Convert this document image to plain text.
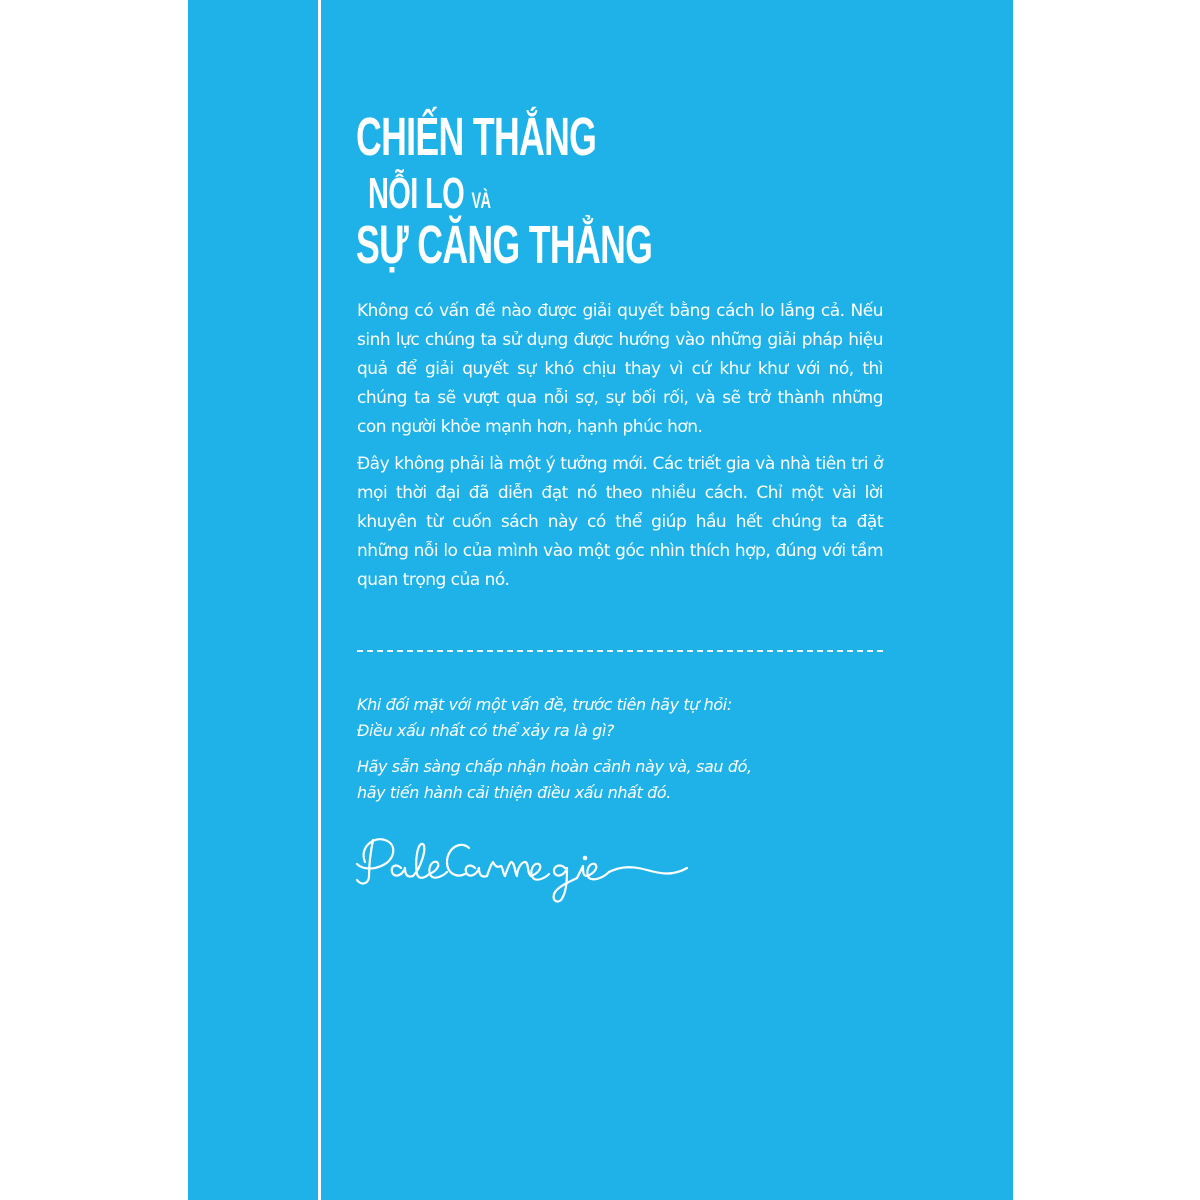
CHIẾN THẮNG
NỖI LO VÀ
SỰ CĂNG THẲNG

Không có vấn đề nào được giải quyết bằng cách lo lắng cả. Nếu sinh lực chúng ta sử dụng được hướng vào những giải pháp hiệu quả để giải quyết sự khó chịu thay vì cứ khư khư với nó, thì chúng ta sẽ vượt qua nỗi sợ, sự bối rối, và sẽ trở thành những con người khỏe mạnh hơn, hạnh phúc hơn.

Đây không phải là một ý tưởng mới. Các triết gia và nhà tiên tri ở mọi thời đại đã diễn đạt nó theo nhiều cách. Chỉ một vài lời khuyên từ cuốn sách này có thể giúp hầu hết chúng ta đặt những nỗi lo của mình vào một góc nhìn thích hợp, đúng với tầm quan trọng của nó.

Khi đối mặt với một vấn đề, trước tiên hãy tự hỏi:
Điều xấu nhất có thể xảy ra là gì?

Hãy sẵn sàng chấp nhận hoàn cảnh này và, sau đó,
hãy tiến hành cải thiện điều xấu nhất đó.

Dale Carnegie
